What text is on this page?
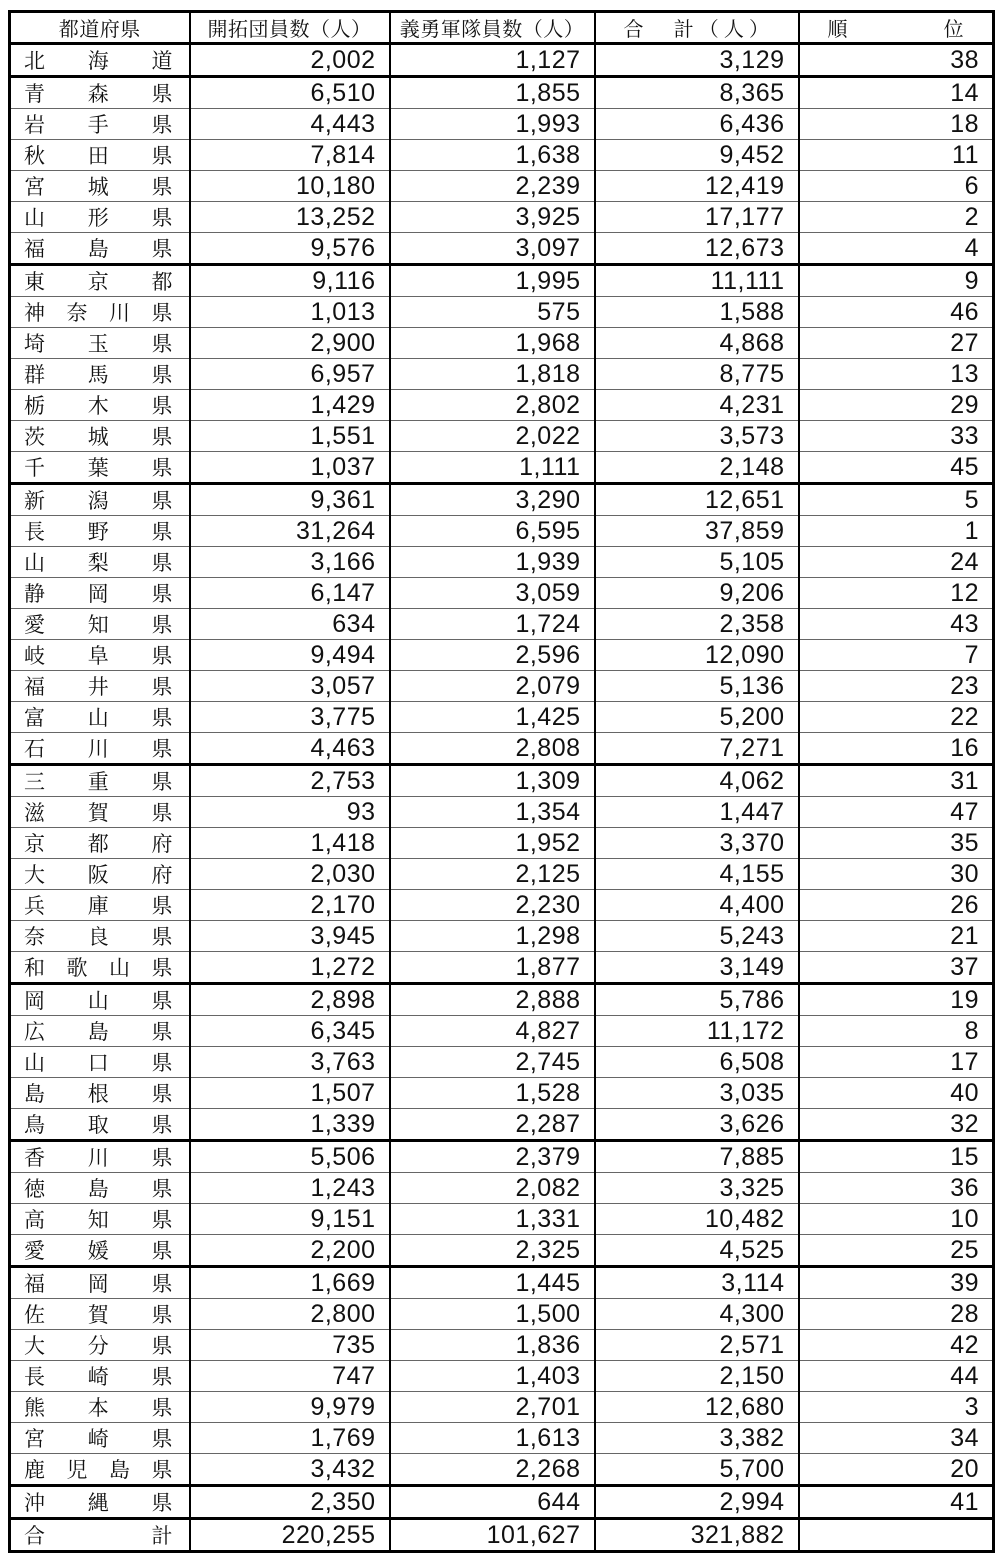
都道府県	開拓団員数（人）	義勇軍隊員数（人）	合　計（人）	順　位
北海道	2,002	1,127	3,129	38
青森県	6,510	1,855	8,365	14
岩手県	4,443	1,993	6,436	18
秋田県	7,814	1,638	9,452	11
宮城県	10,180	2,239	12,419	6
山形県	13,252	3,925	17,177	2
福島県	9,576	3,097	12,673	4
東京都	9,116	1,995	11,111	9
神奈川県	1,013	575	1,588	46
埼玉県	2,900	1,968	4,868	27
群馬県	6,957	1,818	8,775	13
栃木県	1,429	2,802	4,231	29
茨城県	1,551	2,022	3,573	33
千葉県	1,037	1,111	2,148	45
新潟県	9,361	3,290	12,651	5
長野県	31,264	6,595	37,859	1
山梨県	3,166	1,939	5,105	24
静岡県	6,147	3,059	9,206	12
愛知県	634	1,724	2,358	43
岐阜県	9,494	2,596	12,090	7
福井県	3,057	2,079	5,136	23
富山県	3,775	1,425	5,200	22
石川県	4,463	2,808	7,271	16
三重県	2,753	1,309	4,062	31
滋賀県	93	1,354	1,447	47
京都府	1,418	1,952	3,370	35
大阪府	2,030	2,125	4,155	30
兵庫県	2,170	2,230	4,400	26
奈良県	3,945	1,298	5,243	21
和歌山県	1,272	1,877	3,149	37
岡山県	2,898	2,888	5,786	19
広島県	6,345	4,827	11,172	8
山口県	3,763	2,745	6,508	17
島根県	1,507	1,528	3,035	40
鳥取県	1,339	2,287	3,626	32
香川県	5,506	2,379	7,885	15
徳島県	1,243	2,082	3,325	36
高知県	9,151	1,331	10,482	10
愛媛県	2,200	2,325	4,525	25
福岡県	1,669	1,445	3,114	39
佐賀県	2,800	1,500	4,300	28
大分県	735	1,836	2,571	42
長崎県	747	1,403	2,150	44
熊本県	9,979	2,701	12,680	3
宮崎県	1,769	1,613	3,382	34
鹿児島県	3,432	2,268	5,700	20
沖縄県	2,350	644	2,994	41
合　計	220,255	101,627	321,882	
